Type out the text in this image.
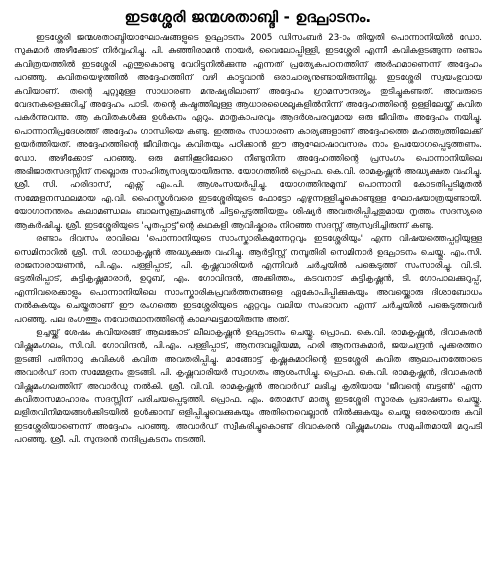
ഇടശ്ശേരി ജന്മശതാബ്ദി - ഉദ്ഘാടനം.

ഇടശ്ശേരി ജന്മശതാബ്ദിയാഘോഷങ്ങളുടെ ഉദ്ഘാടനം 2005 ഡിസംബർ 23-ാം തിയ്യതി പൊന്നാനിയിൽ ഡോ. സുകുമാർ അഴീക്കോട് നിർവ്വഹിച്ചു. പി. കുഞ്ഞിരാമൻ നായർ, വൈലോപ്പിള്ളി, ഇടശ്ശേരി എന്നീ കവികളടങ്ങുന്ന രണ്ടാം കവിത്രയത്തിൽ ഇടശ്ശേരി എന്തുകൊണ്ടു വേറിട്ടുനിൽക്കുന്നു എന്നത് പ്രത്യേകപഠനത്തിന് അർഹമാണെന്ന് അദ്ദേഹം പറഞ്ഞു. കവിതയെഴുത്തിൽ അദ്ദേഹത്തിന് വഴി കാട്ടുവാൻ ഒരാചാര്യനുണ്ടായിരുന്നില്ല. ഇടശ്ശേരി സ്വയംഭുവായ കവിയാണ്. തന്റെ ചുറ്റുമുള്ള സാധാരണ മനുഷ്യരിലാണ് അദ്ദേഹം ഗ്രാമസൗന്ദര്യം തുടിച്ചുകണ്ടത്. അവരുടെ വേദനകളെക്കുറിച്ച് അദ്ദേഹം പാടി. തന്റെ കഷ്ടത്തിലുള്ള ആധാരശൈലൂകളിൽനിന്ന് അദ്ദേഹത്തിന്റെ ഉള്ളിലേയ്ക്ക് കവിത പകർന്നുവന്നു. ആ കവിതകൾക്കു ഉൾകനം ഏറും. മാതൃകാപരവും ആദർശപരവുമായ ഒരു ജീവിതം അദ്ദേഹം നയിച്ചു. പൊന്നാനിപ്രദേശത്ത് അദ്ദേഹം ഗാന്ധിയെ കണ്ടു. ഇത്തരം സാധാരണ കാര്യങ്ങളാണ് അദ്ദേഹത്തെ മഹത്ത്വത്തിലേക്ക് ഉയർത്തിയത്. അദ്ദേഹത്തിന്റെ ജീവിതവും കവിതയും പഠിക്കാൻ ഈ ആഘോഷാവസരം നാം ഉപയോഗപ്പെടുത്തണം. ഡോ. അഴീക്കോട് പറഞ്ഞു. ഒരു മണിക്കൂറിലേറെ നീണ്ടുനിന്ന അദ്ദേഹത്തിന്റെ പ്രസംഗം പൊന്നാനിയിലെ അഭിജാതസദസ്സിന് നല്ലൊരു സാഹിത്യസദ്യയായിരുന്നു. യോഗത്തിൽ പ്രൊഫ. കെ.വി. രാമകൃഷ്ണൻ അദ്ധ്യക്ഷത വഹിച്ചു. ശ്രീ. സി. ഹരിദാസ്, എക്സ് എം.പി. ആശംസയർപ്പിച്ചു. യോഗത്തിനുമുമ്പ് പൊന്നാനി കോടതിപ്പടിമുതൽ സമ്മേളനസ്ഥലമായ എ.വി. ഹൈസ്കൂൾവരെ ഇടശ്ശേരിയുടെ ഫോട്ടോ എഴുന്നള്ളിച്ചുകൊണ്ടുള്ള ഘോഷയാത്രയുണ്ടായി. യോഗാനന്തരം കലാമണ്ഡലം ബാലസുബ്രഹ്മണ്യൻ ചിട്ടപ്പെടുത്തിയതും ശിഷ്യർ അവതരിപ്പിച്ചതുമായ നൃത്തം സദസ്യരെ ആകർഷിച്ചു. ശ്രീ. ഇടശ്ശേരിയുടെ 'പൂതപ്പാട്ട്'ന്റെ കഥകളി ആവിഷ്കാരം നിറഞ്ഞ സദസ്സ് ആസ്വദിച്ചിരുന്ന് കണ്ടു.

രണ്ടാം ദിവസം രാവിലെ 'പൊന്നാനിയുടെ സാംസ്കാരികമുന്നേറ്റവും ഇടശ്ശേരിയും' എന്ന വിഷയത്തെപ്പറ്റിയുള്ള സെമിനാറിൽ ശ്രീ. സി. രാധാകൃഷ്ണൻ അദ്ധ്യക്ഷത വഹിച്ചു. ആർട്ടിസ്റ്റ് നമ്പൂതിരി സെമിനാർ ഉദ്ഘാടനം ചെയ്തു. എം.സി. രാജനാരായണൻ, പി.എം. പള്ളിപ്പാട്, പി. കൃഷ്ണവാരിയർ എന്നിവർ ചർച്ചയിൽ പങ്കെടുത്ത് സംസാരിച്ചു. വി.ടി. ഭട്ടതിരിപ്പാട്, കുട്ടികൃഷ്ണമാരാർ, ഉറൂബ്, എം. ഗോവിന്ദൻ, അക്കിത്തം, കടവനാട് കുട്ടികൃഷ്ണൻ, ടി. ഗോപാലക്കുറുപ്പ്, എന്നിവരെക്കാളും പൊന്നാനിയിലെ സാംസ്കാരികപ്രവർത്തനങ്ങളെ ഏകോപിപ്പിക്കുകയും അവയ്ക്കൊരു ദിശാബോധം നൽകുകയും ചെയ്തതാണ് ഈ രംഗത്തെ ഇടശ്ശേരിയുടെ ഏറ്റവും വലിയ സംഭാവന എന്ന് ചർച്ചയിൽ പങ്കെടുത്തവർ പറഞ്ഞു. പല രംഗത്തും നവോത്ഥാനത്തിന്റെ കാലഘട്ടമായിരുന്നു അത്.

ഉച്ചയ്ക്ക് ശേഷം കവിയരങ്ങ് ആലങ്കോട് ലീലാകൃഷ്ണൻ ഉദ്ഘാടനം ചെയ്തു. പ്രൊഫ. കെ.വി. രാമകൃഷ്ണൻ, ദിവാകരൻ വിഷ്ണുമംഗലം, സി.വി. ഗോവിന്ദൻ, പി.എം. പള്ളിപ്പാട്, ആനന്ദവല്ലിയമ്മ, ഹരി ആനന്ദകുമാർ, ജയചന്ദ്രൻ പൂക്കരത്തറ തുടങ്ങി പതിനാറു കവികൾ കവിത അവതരിപ്പിച്ചു. മാങ്ങോട്ട് കൃഷ്ണകുമാറിന്റെ ഇടശ്ശേരി കവിത ആലാപനത്തോടെ അവാർഡ് ദാന സമ്മേളനം തുടങ്ങി. പി. കൃഷ്ണവാരിയർ സ്വാഗതം ആശംസിച്ചു. പ്രൊഫ. കെ.വി. രാമകൃഷ്ണൻ, ദിവാകരൻ വിഷ്ണുമംഗലത്തിന് അവാർഡു നൽകി. ശ്രീ. വി.വി. രാമകൃഷ്ണൻ അവാർഡ് ലഭിച്ച കൃതിയായ 'ജീവന്റെ ബട്ടൺ' എന്ന കവിതാസമാഹാരം സദസ്സിന് പരിചയപ്പെടുത്തി. പ്രൊഫ. എം. തോമസ് മാത്യു ഇടശ്ശേരി സ്മാരക പ്രഭാഷണം ചെയ്തു. ലളിതവിനിമയങ്ങൾക്കിടയിൽ ഉൾക്കാമ്പ് ഒളിപ്പിച്ചുവെക്കുകയും അതിനെവെല്ലാൻ നിൽക്കുകയും ചെയ്ത ഒരേയൊരു കവി ഇടശ്ശേരിയാണെന്ന് അദ്ദേഹം പറഞ്ഞു. അവാർഡ് സ്വീകരിച്ചുകൊണ്ട് ദിവാകരൻ വിഷ്ണുമംഗലം സമുചിതമായി മറുപടി പറഞ്ഞു. ശ്രീ. പി. സുന്ദരൻ നന്ദിപ്രകടനം നടത്തി.
